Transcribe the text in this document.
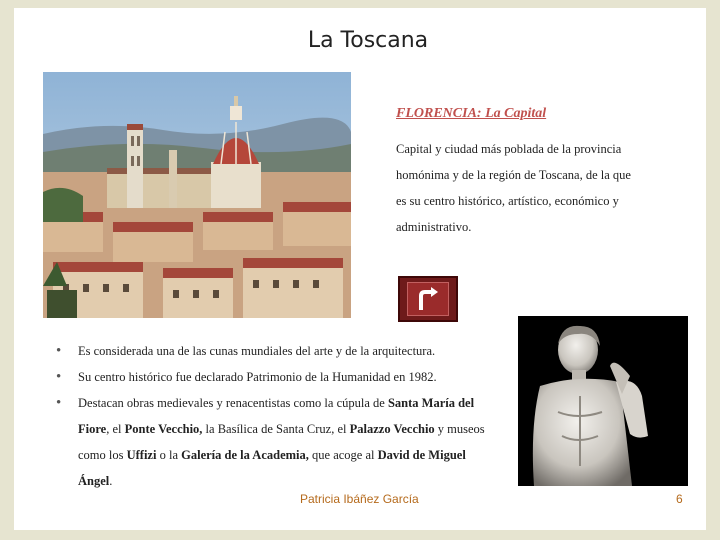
La Toscana
FLORENCIA: La Capital
Capital y ciudad más poblada de la provincia homónima y de la región de Toscana, de la que es su centro histórico, artístico, económico y administrativo.
• Es considerada una de las cunas mundiales del arte y de la arquitectura.
• Su centro histórico fue declarado Patrimonio de la Humanidad en 1982.
• Destacan obras medievales y renacentistas como la cúpula de Santa María del Fiore, el Ponte Vecchio, la Basílica de Santa Cruz, el Palazzo Vecchio y museos como los Uffizi o la Galería de la Academia, que acoge al David de Miguel Ángel.
Patricia Ibáñez García	6
